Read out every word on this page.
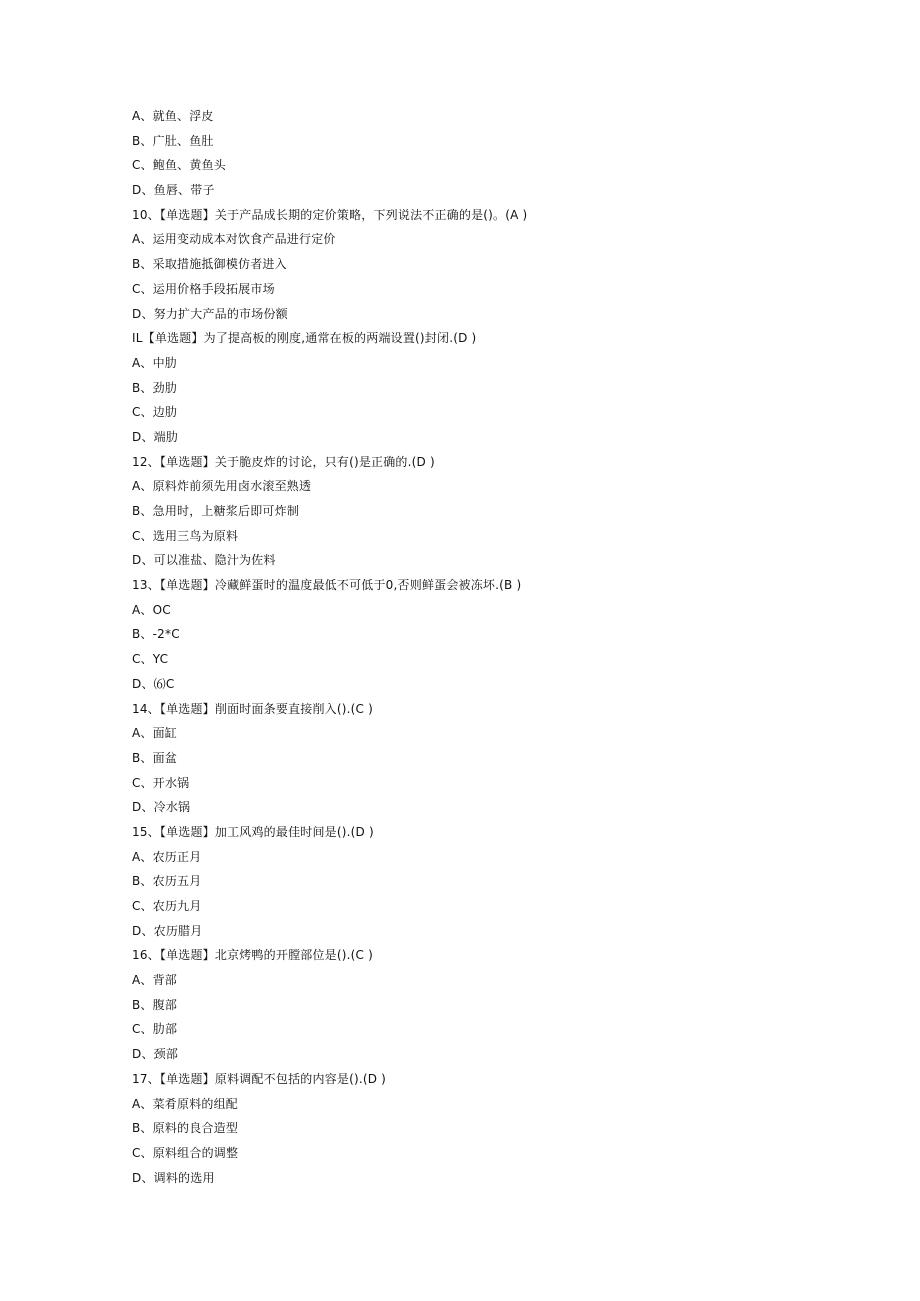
A、就鱼、浮皮
B、广肚、鱼肚
C、鲍鱼、黄鱼头
D、鱼唇、带子
10、【单选题】关于产品成长期的定价策略，下列说法不正确的是()。(A )
A、运用变动成本对饮食产品进行定价
B、采取措施抵御模仿者进入
C、运用价格手段拓展市场
D、努力扩大产品的市场份额
IL【单选题】为了提高板的刚度,通常在板的两端设置()封闭.(D )
A、中肋
B、劲肋
C、边肋
D、端肋
12、【单选题】关于脆皮炸的讨论，只有()是正确的.(D )
A、原料炸前须先用卤水滚至熟透
B、急用时，上糖浆后即可炸制
C、选用三鸟为原料
D、可以准盐、隐汁为佐料
13、【单选题】冷藏鲜蛋时的温度最低不可低于0,否则鲜蛋会被冻坏.(B )
A、OC
B、-2*C
C、YC
D、⑹C
14、【单选题】削面时面条要直接削入().(C )
A、面缸
B、面盆
C、开水锅
D、冷水锅
15、【单选题】加工风鸡的最佳时间是().(D )
A、农历正月
B、农历五月
C、农历九月
D、农历腊月
16、【单选题】北京烤鸭的开膛部位是().(C )
A、背部
B、腹部
C、肋部
D、颈部
17、【单选题】原料调配不包括的内容是().(D )
A、菜肴原料的组配
B、原料的良合造型
C、原料组合的调整
D、调料的选用
